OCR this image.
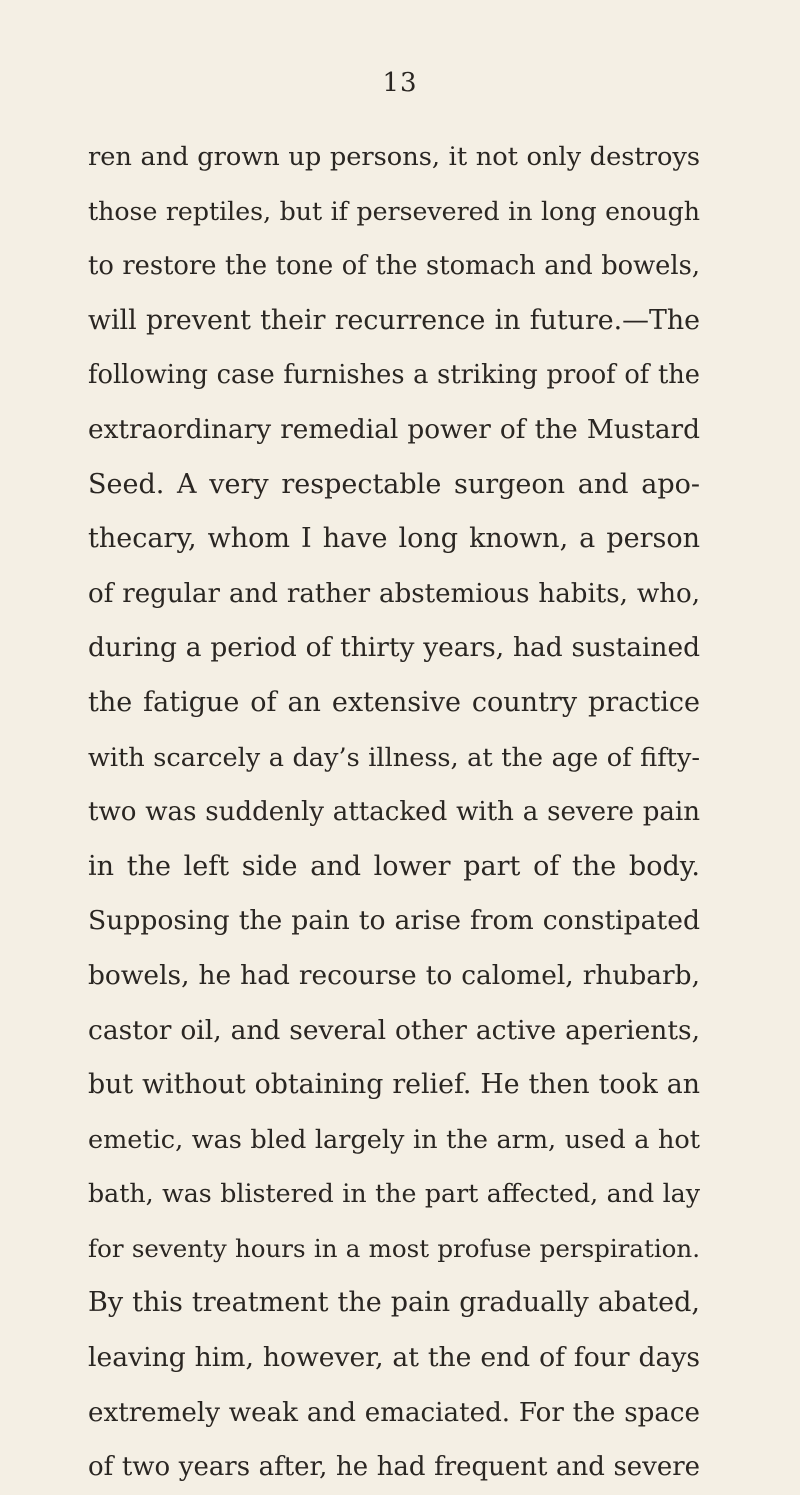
13
ren and grown up persons, it not only destroys
those reptiles, but if persevered in long enough
to restore the tone of the stomach and bowels,
will prevent their recurrence in future.—The
following case furnishes a striking proof of the
extraordinary remedial power of the Mustard
Seed. A very respectable surgeon and apo-
thecary, whom I have long known, a person
of regular and rather abstemious habits, who,
during a period of thirty years, had sustained
the fatigue of an extensive country practice
with scarcely a day’s illness, at the age of fifty-
two was suddenly attacked with a severe pain
in the left side and lower part of the body.
Supposing the pain to arise from constipated
bowels, he had recourse to calomel, rhubarb,
castor oil, and several other active aperients,
but without obtaining relief. He then took an
emetic, was bled largely in the arm, used a hot
bath, was blistered in the part affected, and lay
for seventy hours in a most profuse perspiration.
By this treatment the pain gradually abated,
leaving him, however, at the end of four days
extremely weak and emaciated. For the space
of two years after, he had frequent and severe
